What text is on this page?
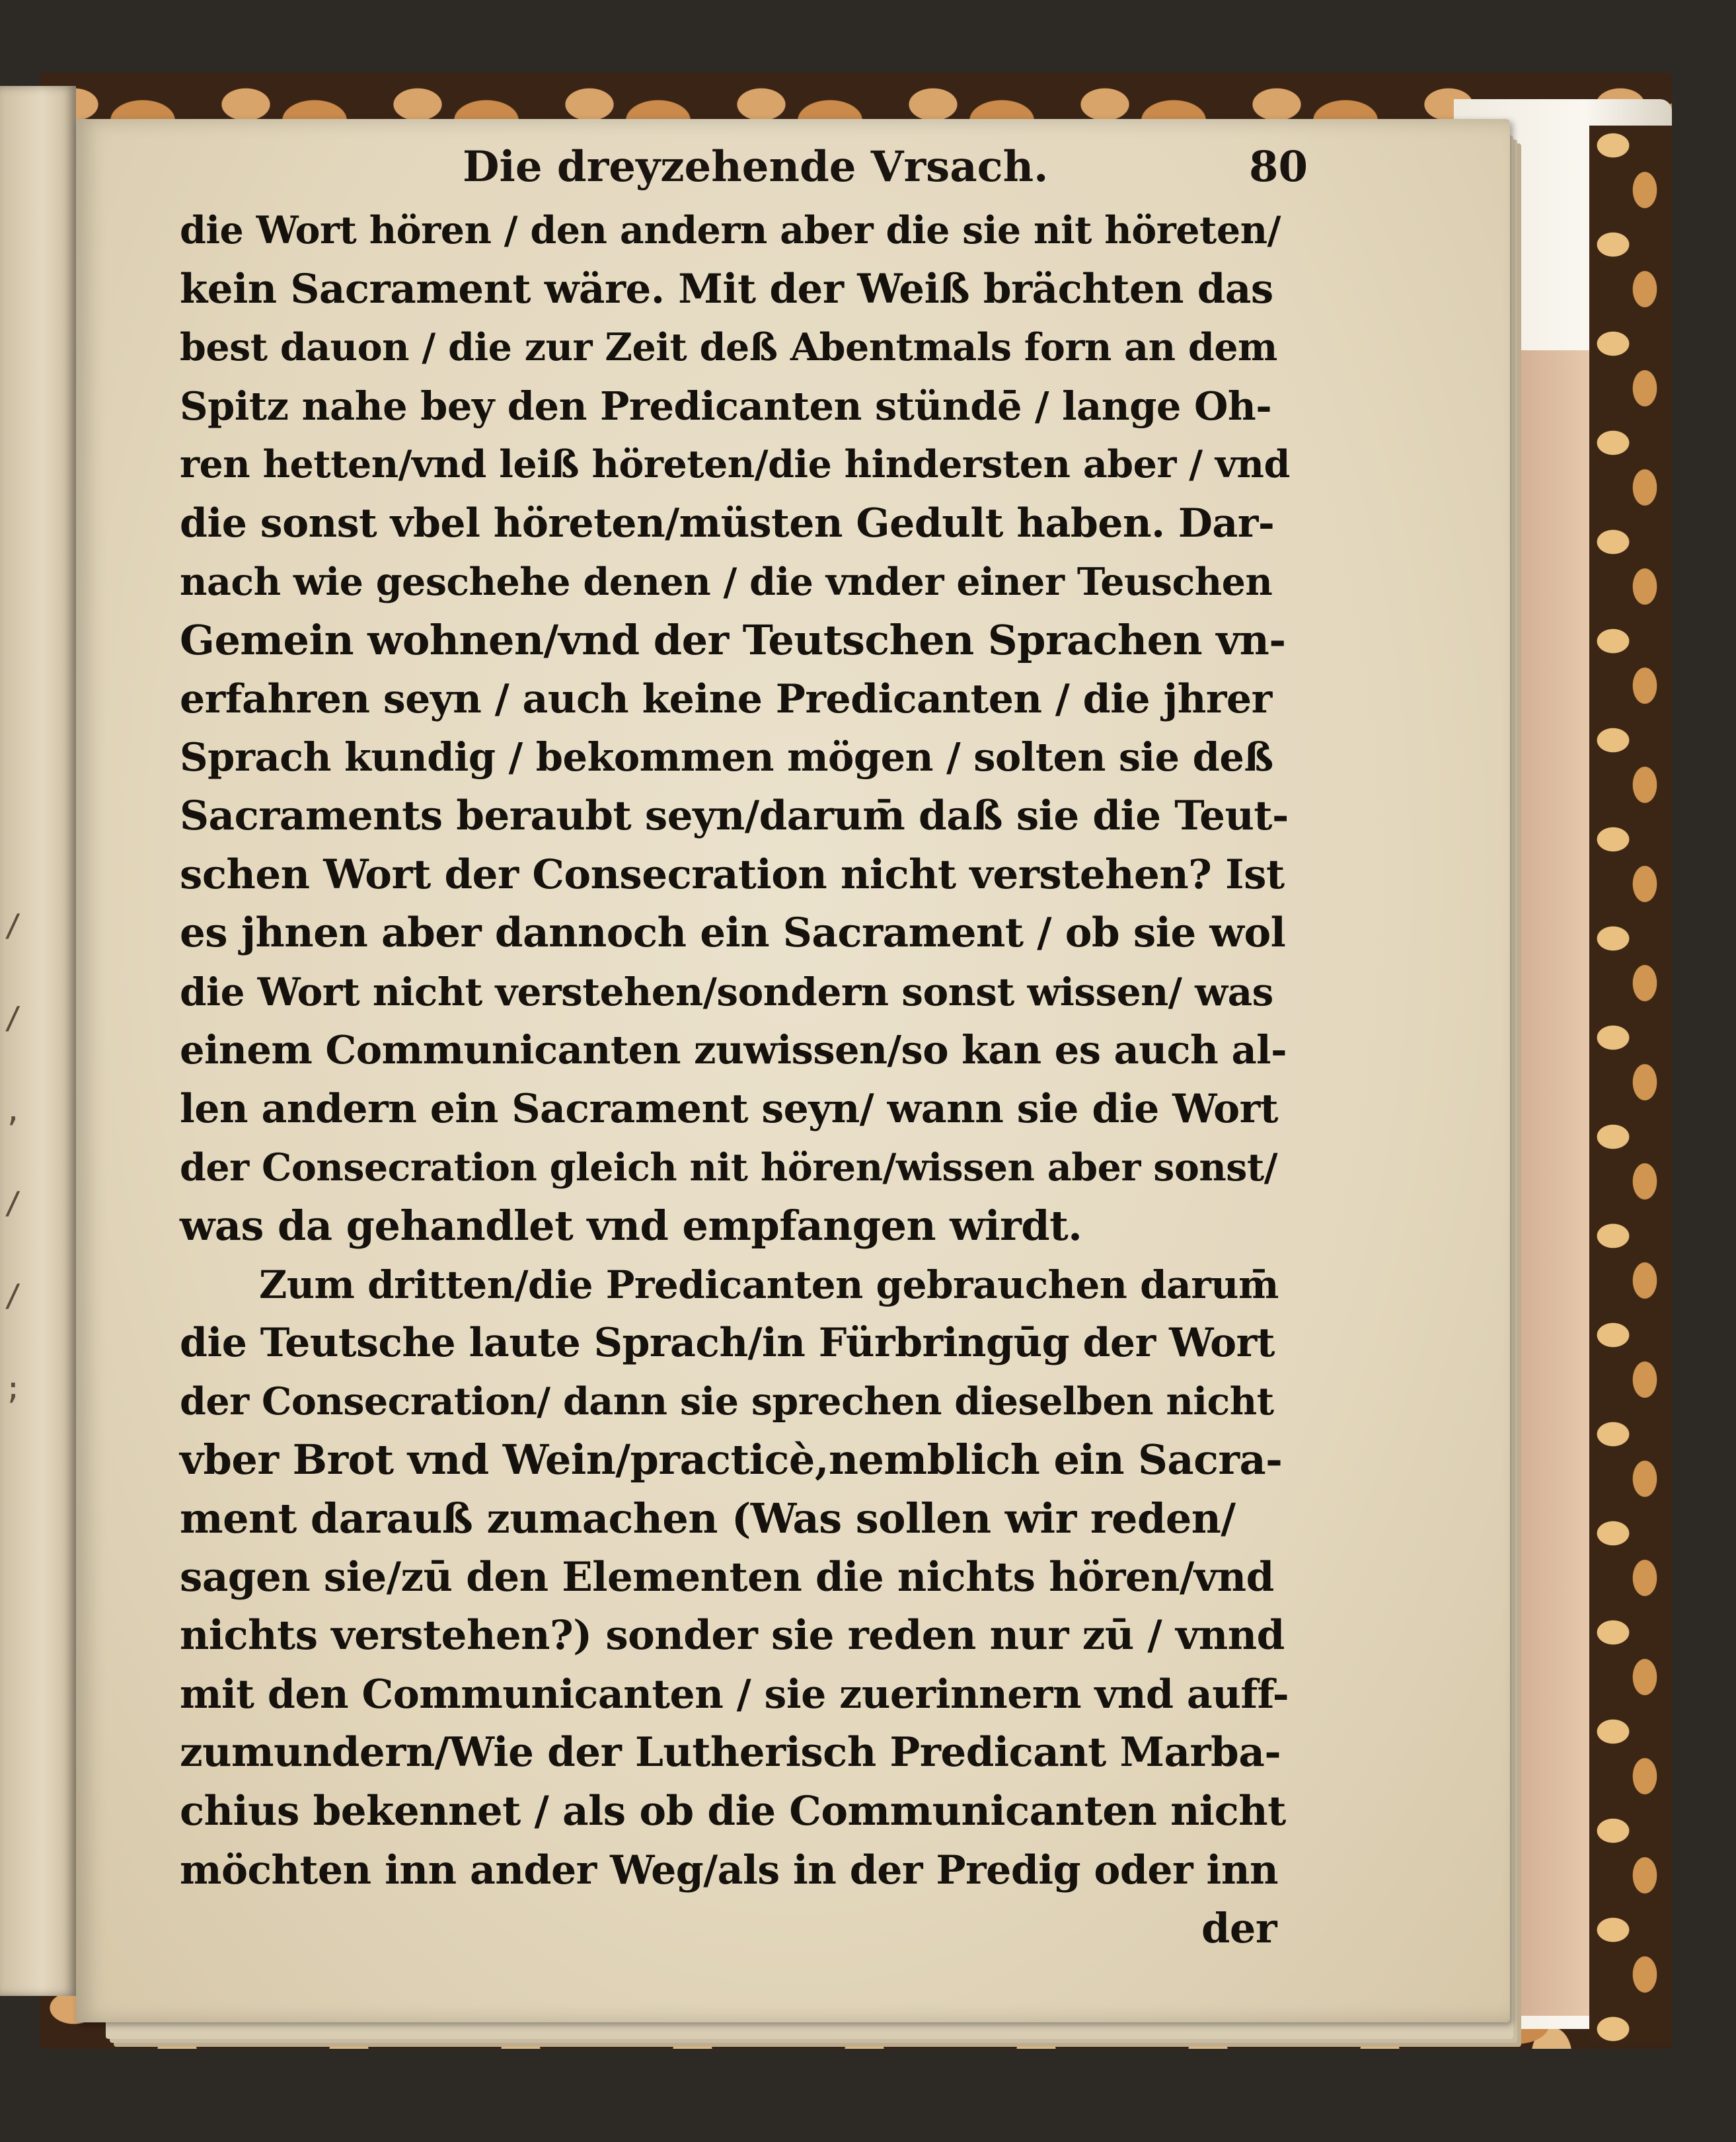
/
/
,
/
/
;
Die dreyzehende Vrsach.	80
die Wort hören / den andern aber die sie nit höreten/
kein Sacrament wäre. Mit der Weiß brächten das
best dauon / die zur Zeit deß Abentmals forn an dem
Spitz nahe bey den Predicanten stündē / lange Oh-
ren hetten/vnd leiß höreten/die hindersten aber / vnd
die sonst vbel höreten/müsten Gedult haben. Dar-
nach wie geschehe denen / die vnder einer Teuschen
Gemein wohnen/vnd der Teutschen Sprachen vn-
erfahren seyn / auch keine Predicanten / die jhrer
Sprach kundig / bekommen mögen / solten sie deß
Sacraments beraubt seyn/darum̄ daß sie die Teut-
schen Wort der Consecration nicht verstehen? Ist
es jhnen aber dannoch ein Sacrament / ob sie wol
die Wort nicht verstehen/sondern sonst wissen/ was
einem Communicanten zuwissen/so kan es auch al-
len andern ein Sacrament seyn/ wann sie die Wort
der Consecration gleich nit hören/wissen aber sonst/
was da gehandlet vnd empfangen wirdt.
Zum dritten/die Predicanten gebrauchen darum̄
die Teutsche laute Sprach/in Fürbringūg der Wort
der Consecration/ dann sie sprechen dieselben nicht
vber Brot vnd Wein/practicè,nemblich ein Sacra-
ment darauß zumachen (Was sollen wir reden/
sagen sie/zū den Elementen die nichts hören/vnd
nichts verstehen?) sonder sie reden nur zū / vnnd
mit den Communicanten / sie zuerinnern vnd auff-
zumundern/Wie der Lutherisch Predicant Marba-
chius bekennet / als ob die Communicanten nicht
möchten inn ander Weg/als in der Predig oder inn
der
